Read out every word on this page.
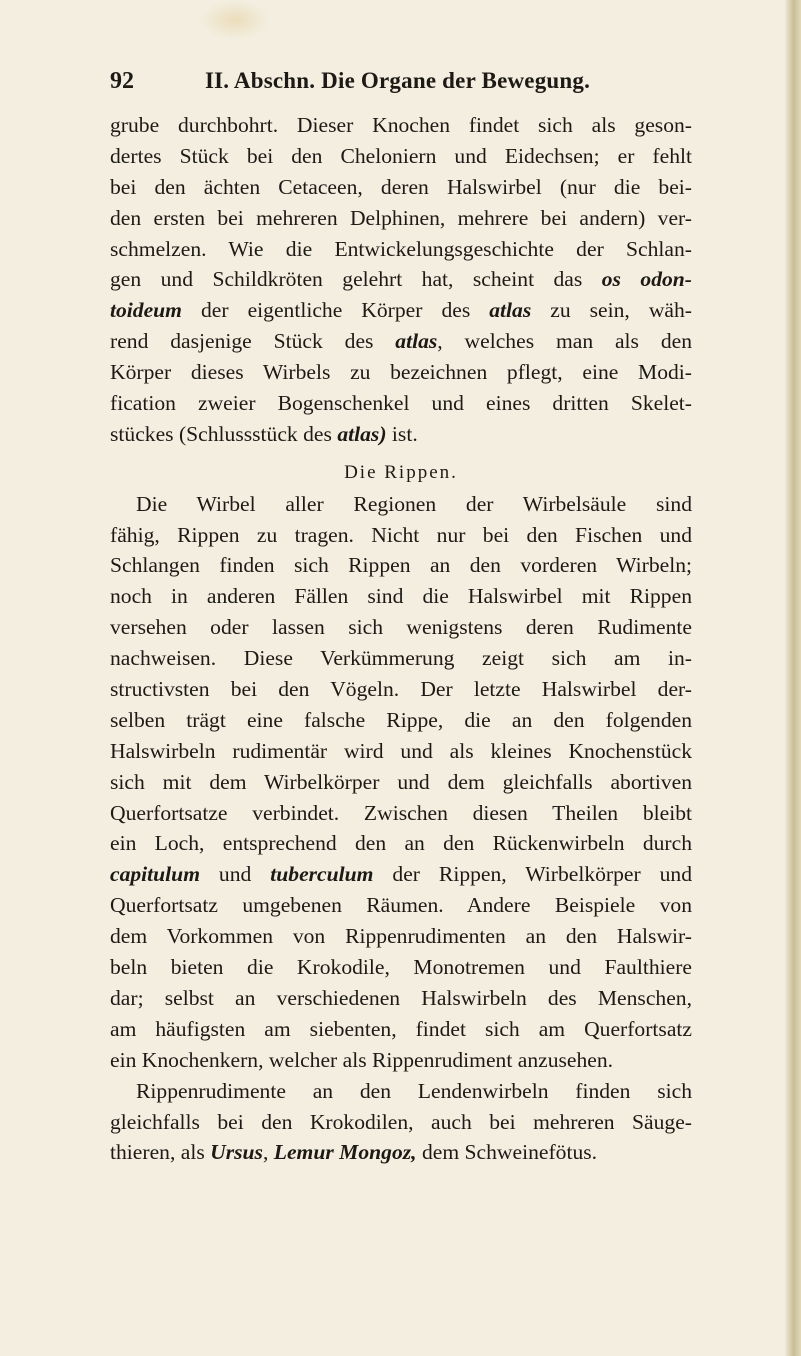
92	II. Abschn. Die Organe der Bewegung.
grube durchbohrt. Dieser Knochen findet sich als geson-
dertes Stück bei den Cheloniern und Eidechsen; er fehlt
bei den ächten Cetaceen, deren Halswirbel (nur die bei-
den ersten bei mehreren Delphinen, mehrere bei andern) ver-
schmelzen. Wie die Entwickelungsgeschichte der Schlan-
gen und Schildkröten gelehrt hat, scheint das os odon-
toideum der eigentliche Körper des atlas zu sein, wäh-
rend dasjenige Stück des atlas, welches man als den
Körper dieses Wirbels zu bezeichnen pflegt, eine Modi-
fication zweier Bogenschenkel und eines dritten Skelet-
stückes (Schlussstück des atlas) ist.
Die Rippen.
Die Wirbel aller Regionen der Wirbelsäule sind
fähig, Rippen zu tragen. Nicht nur bei den Fischen und
Schlangen finden sich Rippen an den vorderen Wirbeln;
noch in anderen Fällen sind die Halswirbel mit Rippen
versehen oder lassen sich wenigstens deren Rudimente
nachweisen. Diese Verkümmerung zeigt sich am in-
structivsten bei den Vögeln. Der letzte Halswirbel der-
selben trägt eine falsche Rippe, die an den folgenden
Halswirbeln rudimentär wird und als kleines Knochenstück
sich mit dem Wirbelkörper und dem gleichfalls abortiven
Querfortsatze verbindet. Zwischen diesen Theilen bleibt
ein Loch, entsprechend den an den Rückenwirbeln durch
capitulum und tuberculum der Rippen, Wirbelkörper und
Querfortsatz umgebenen Räumen. Andere Beispiele von
dem Vorkommen von Rippenrudimenten an den Halswir-
beln bieten die Krokodile, Monotremen und Faulthiere
dar; selbst an verschiedenen Halswirbeln des Menschen,
am häufigsten am siebenten, findet sich am Querfortsatz
ein Knochenkern, welcher als Rippenrudiment anzusehen.
Rippenrudimente an den Lendenwirbeln finden sich
gleichfalls bei den Krokodilen, auch bei mehreren Säuge-
thieren, als Ursus, Lemur Mongoz, dem Schweinefötus.
